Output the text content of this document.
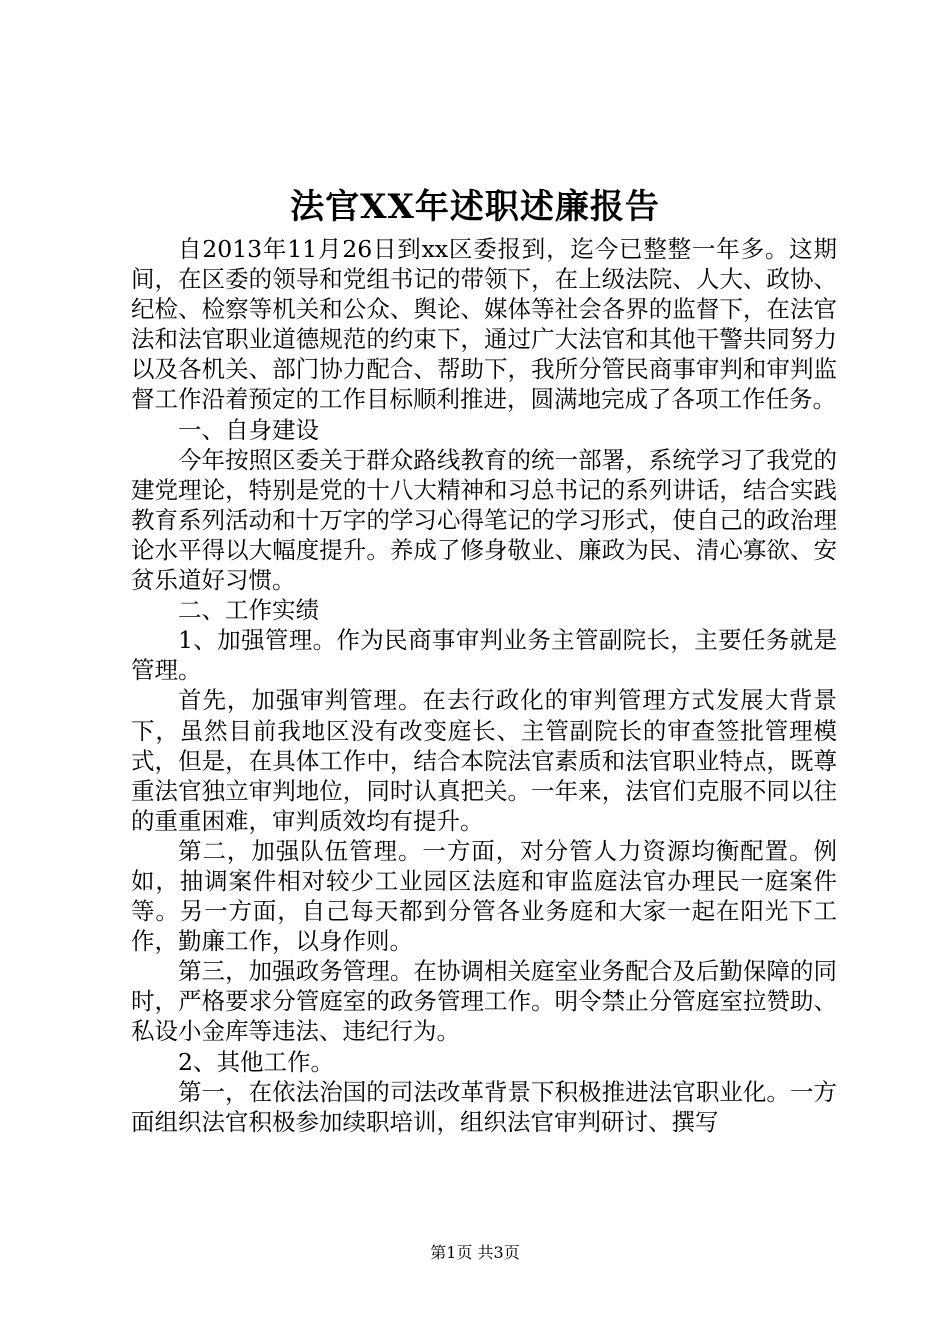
法官XX年述职述廉报告

自2013年11月26日到xx区委报到，迄今已整整一年多。这期间，在区委的领导和党组书记的带领下，在上级法院、人大、政协、纪检、检察等机关和公众、舆论、媒体等社会各界的监督下，在法官法和法官职业道德规范的约束下，通过广大法官和其他干警共同努力以及各机关、部门协力配合、帮助下，我所分管民商事审判和审判监督工作沿着预定的工作目标顺利推进，圆满地完成了各项工作任务。

一、自身建设

今年按照区委关于群众路线教育的统一部署，系统学习了我党的建党理论，特别是党的十八大精神和习总书记的系列讲话，结合实践教育系列活动和十万字的学习心得笔记的学习形式，使自己的政治理论水平得以大幅度提升。养成了修身敬业、廉政为民、清心寡欲、安贫乐道好习惯。

二、工作实绩

1、加强管理。作为民商事审判业务主管副院长，主要任务就是管理。

首先，加强审判管理。在去行政化的审判管理方式发展大背景下，虽然目前我地区没有改变庭长、主管副院长的审查签批管理模式，但是，在具体工作中，结合本院法官素质和法官职业特点，既尊重法官独立审判地位，同时认真把关。一年来，法官们克服不同以往的重重困难，审判质效均有提升。

第二，加强队伍管理。一方面，对分管人力资源均衡配置。例如，抽调案件相对较少工业园区法庭和审监庭法官办理民一庭案件等。另一方面，自己每天都到分管各业务庭和大家一起在阳光下工作，勤廉工作，以身作则。

第三，加强政务管理。在协调相关庭室业务配合及后勤保障的同时，严格要求分管庭室的政务管理工作。明令禁止分管庭室拉赞助、私设小金库等违法、违纪行为。

2、其他工作。

第一，在依法治国的司法改革背景下积极推进法官职业化。一方面组织法官积极参加续职培训，组织法官审判研讨、撰写

第1页 共3页
